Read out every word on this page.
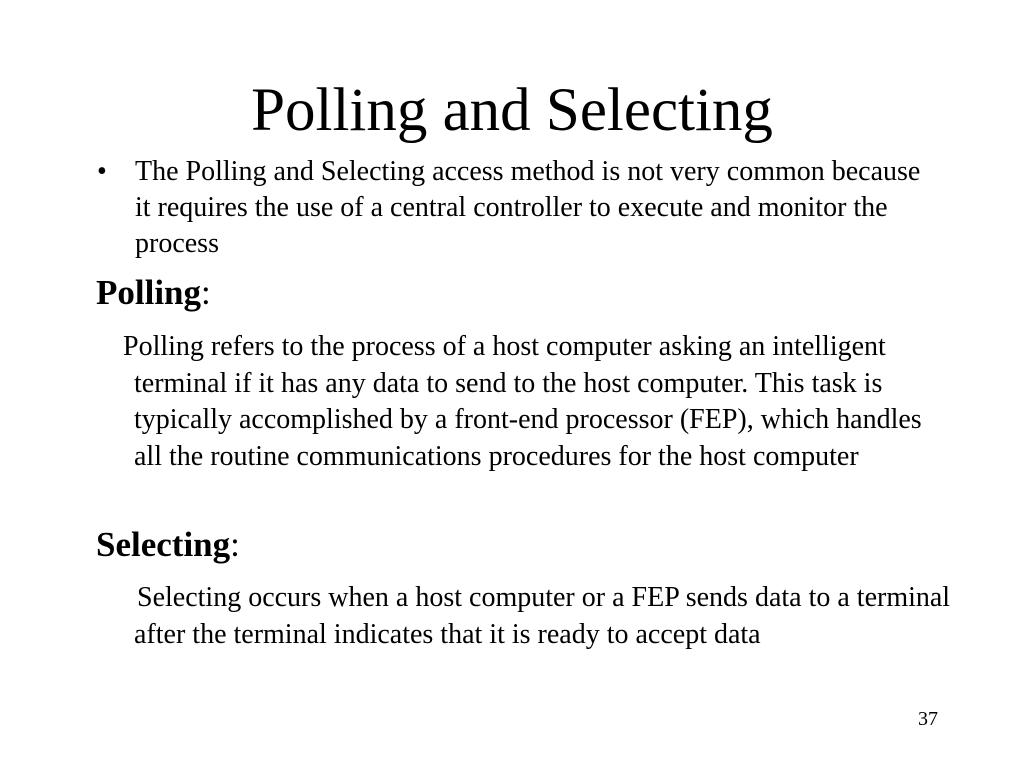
Polling and Selecting
•	The Polling and Selecting access method is not very common because it requires the use of a central controller to execute and monitor the process
Polling:
Polling refers to the process of a host computer asking an intelligent terminal if it has any data to send to the host computer. This task is typically accomplished by a front-end processor (FEP), which handles all the routine communications procedures for the host computer
Selecting:
Selecting occurs when a host computer or a FEP sends data to a terminal after the terminal indicates that it is ready to accept data
37
